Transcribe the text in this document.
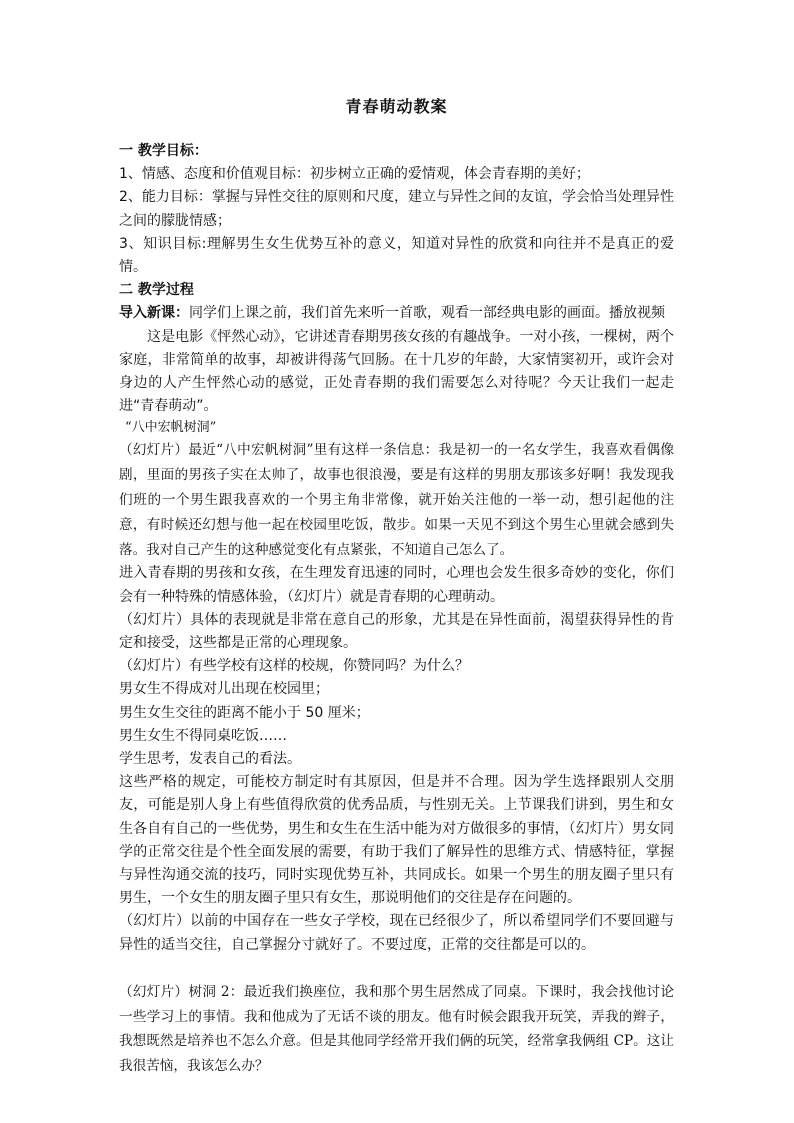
青春萌动教案

一 教学目标：

1、情感、态度和价值观目标：初步树立正确的爱情观，体会青春期的美好；

2、能力目标：掌握与异性交往的原则和尺度，建立与异性之间的友谊，学会恰当处理异性之间的朦胧情感；

3、知识目标:理解男生女生优势互补的意义，知道对异性的欣赏和向往并不是真正的爱情。

二 教学过程

导入新课：同学们上课之前，我们首先来听一首歌，观看一部经典电影的画面。播放视频

这是电影《怦然心动》，它讲述青春期男孩女孩的有趣战争。一对小孩，一棵树，两个家庭，非常简单的故事，却被讲得荡气回肠。在十几岁的年龄，大家情窦初开，或许会对身边的人产生怦然心动的感觉，正处青春期的我们需要怎么对待呢？今天让我们一起走进“青春萌动”。

“八中宏帆树洞”

（幻灯片）最近“八中宏帆树洞”里有这样一条信息：我是初一的一名女学生，我喜欢看偶像剧，里面的男孩子实在太帅了，故事也很浪漫，要是有这样的男朋友那该多好啊！我发现我们班的一个男生跟我喜欢的一个男主角非常像，就开始关注他的一举一动，想引起他的注意，有时候还幻想与他一起在校园里吃饭，散步。如果一天见不到这个男生心里就会感到失落。我对自己产生的这种感觉变化有点紧张，不知道自己怎么了。

进入青春期的男孩和女孩，在生理发育迅速的同时，心理也会发生很多奇妙的变化，你们会有一种特殊的情感体验，（幻灯片）就是青春期的心理萌动。

（幻灯片）具体的表现就是非常在意自己的形象，尤其是在异性面前，渴望获得异性的肯定和接受，这些都是正常的心理现象。

（幻灯片）有些学校有这样的校规，你赞同吗？为什么？

男女生不得成对儿出现在校园里；

男生女生交往的距离不能小于 50 厘米；

男生女生不得同桌吃饭……

学生思考，发表自己的看法。

这些严格的规定，可能校方制定时有其原因，但是并不合理。因为学生选择跟别人交朋友，可能是别人身上有些值得欣赏的优秀品质，与性别无关。上节课我们讲到，男生和女生各自有自己的一些优势，男生和女生在生活中能为对方做很多的事情，（幻灯片）男女同学的正常交往是个性全面发展的需要，有助于我们了解异性的思维方式、情感特征，掌握与异性沟通交流的技巧，同时实现优势互补，共同成长。如果一个男生的朋友圈子里只有男生，一个女生的朋友圈子里只有女生，那说明他们的交往是存在问题的。

（幻灯片）以前的中国存在一些女子学校，现在已经很少了，所以希望同学们不要回避与异性的适当交往，自己掌握分寸就好了。不要过度，正常的交往都是可以的。

（幻灯片）树洞 2：最近我们换座位，我和那个男生居然成了同桌。下课时，我会找他讨论一些学习上的事情。我和他成为了无话不谈的朋友。他有时候会跟我开玩笑，弄我的辫子，我想既然是培养也不怎么介意。但是其他同学经常开我们俩的玩笑，经常拿我俩组 CP。这让我很苦恼，我该怎么办？
